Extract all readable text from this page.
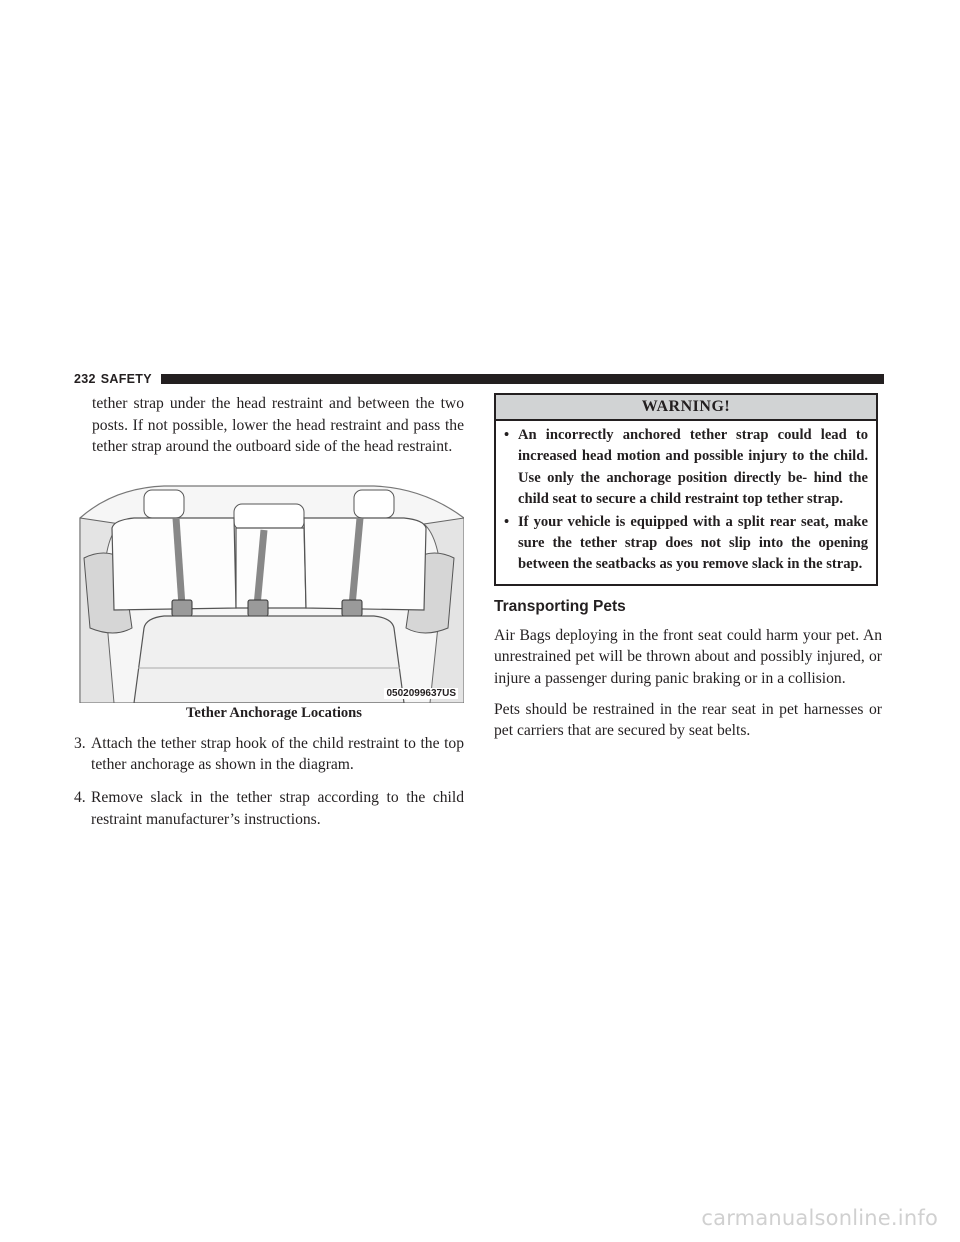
232 SAFETY

tether strap under the head restraint and between the two posts. If not possible, lower the head restraint and pass the tether strap around the outboard side of the head restraint.

0502099637US
Tether Anchorage Locations
3. Attach the tether strap hook of the child restraint to the top tether anchorage as shown in the diagram.
4. Remove slack in the tether strap according to the child restraint manufacturer’s instructions.
WARNING!
• An incorrectly anchored tether strap could lead to increased head motion and possible injury to the child. Use only the anchorage position directly be- hind the child seat to secure a child restraint top tether strap.
• If your vehicle is equipped with a split rear seat, make sure the tether strap does not slip into the opening between the seatbacks as you remove slack in the strap.
Transporting Pets

Air Bags deploying in the front seat could harm your pet. An unrestrained pet will be thrown about and possibly injured, or injure a passenger during panic braking or in a collision.

Pets should be restrained in the rear seat in pet harnesses or pet carriers that are secured by seat belts.

carmanualsonline.info
